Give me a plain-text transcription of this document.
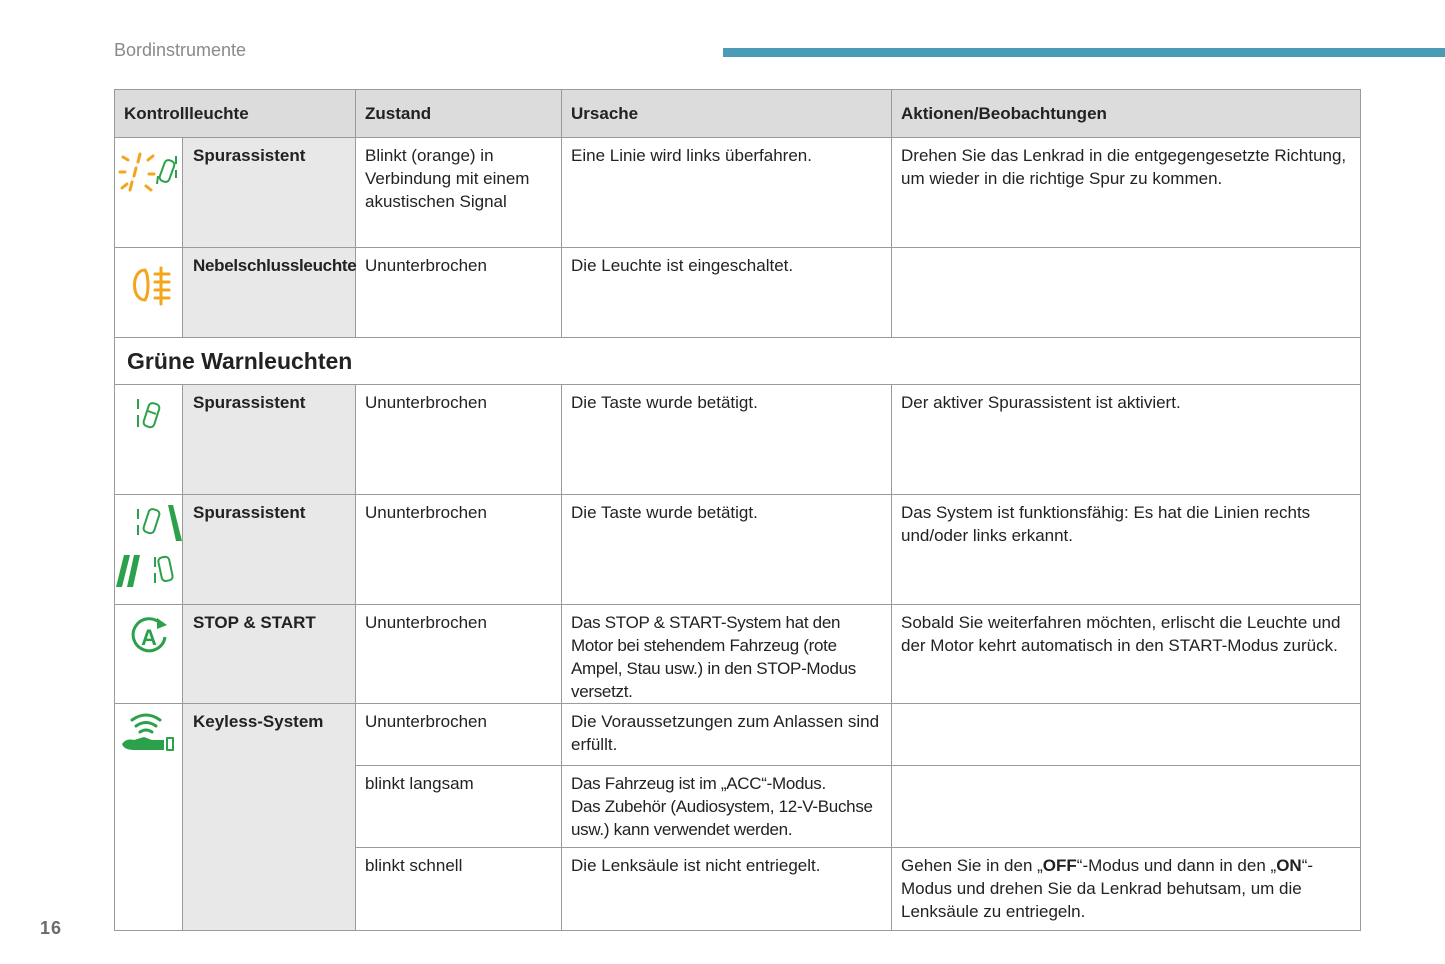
Bordinstrumente
Kontrollleuchte		Zustand	Ursache	Aktionen/Beobachtungen

	Spurassistent	Blinkt (orange) in Verbindung mit einem akustischen Signal	Eine Linie wird links überfahren.	Drehen Sie das Lenkrad in die entgegengesetzte Richtung, um wieder in die richtige Spur zu kommen.

	Nebelschlussleuchte	Ununterbrochen	Die Leuchte ist eingeschaltet.	
Grüne Warnleuchten				

	Spurassistent	Ununterbrochen	Die Taste wurde betätigt.	Der aktiver Spurassistent ist aktiviert.

	Spurassistent	Ununterbrochen	Die Taste wurde betätigt.	Das System ist funktionsfähig: Es hat die Linien rechts und/oder links erkannt.

A	STOP & START	Ununterbrochen	Das STOP & START-System hat den Motor bei stehendem Fahrzeug (rote Ampel, Stau usw.) in den STOP-Modus versetzt.	Sobald Sie weiterfahren möchten, erlischt die Leuchte und der Motor kehrt automatisch in den START-Modus zurück.

	Keyless-System	Ununterbrochen	Die Voraussetzungen zum Anlassen sind erfüllt.	
		blinkt langsam	Das Fahrzeug ist im „ACC“-Modus.
Das Zubehör (Audiosystem, 12-V-Buchse usw.) kann verwendet werden.	

		blinkt schnell	Die Lenksäule ist nicht entriegelt.	Gehen Sie in den „OFF“-Modus und dann in den „ON“-Modus und drehen Sie da Lenkrad behutsam, um die Lenksäule zu entriegeln.
16
